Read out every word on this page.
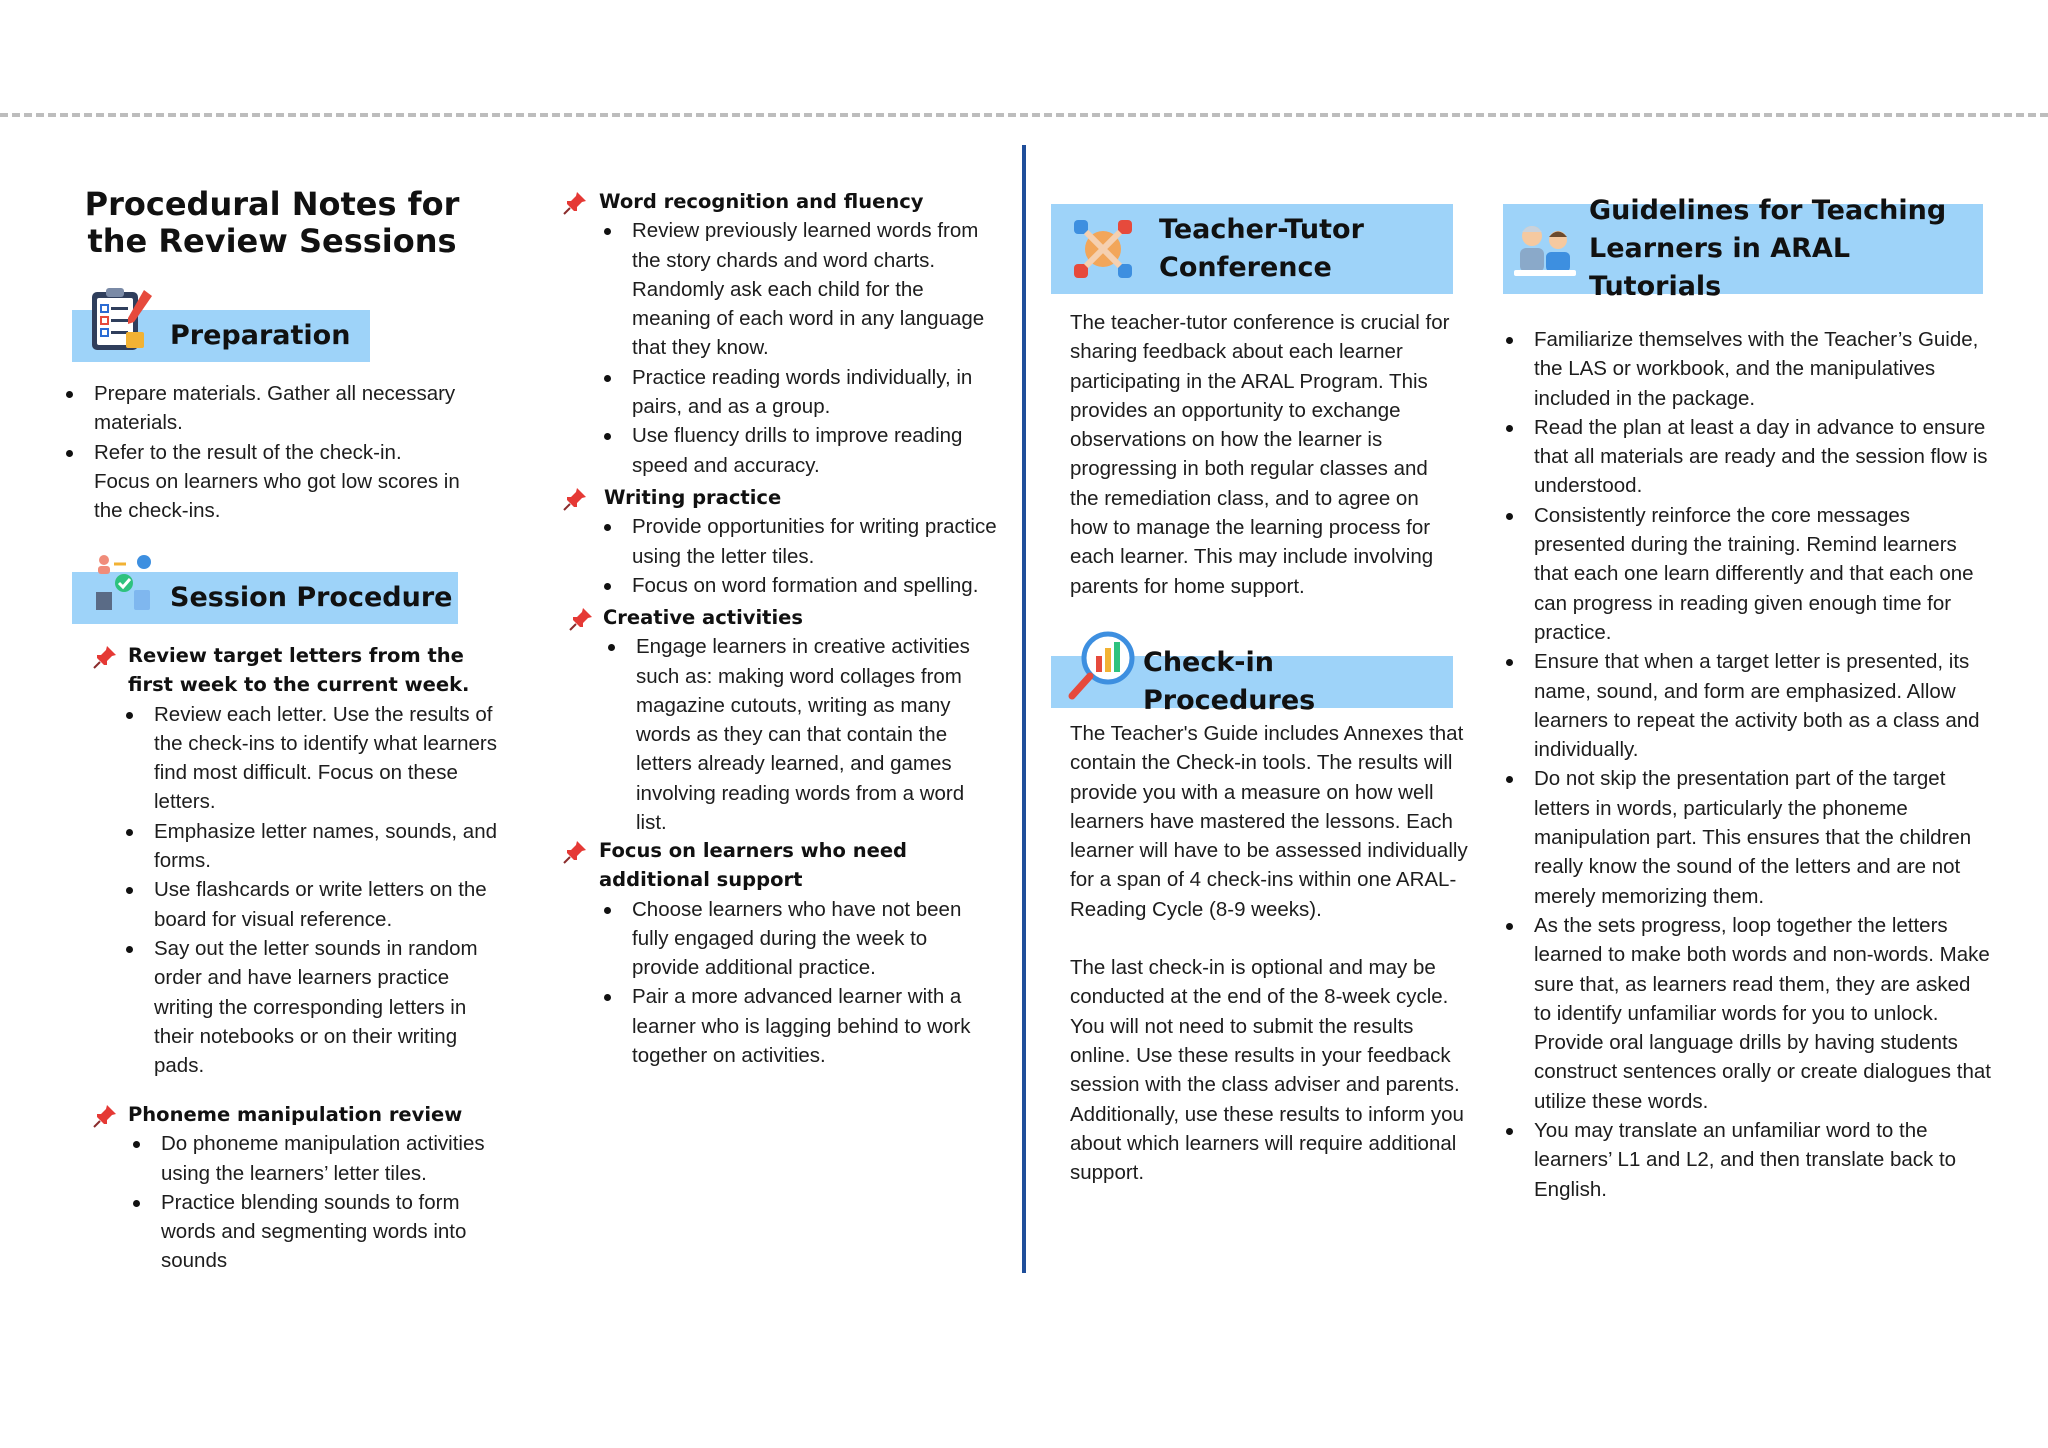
Procedural Notes for the Review Sessions
Preparation
Prepare materials. Gather all necessary materials.
Refer to the result of the check-in. Focus on learners who got low scores in the check-ins.
Session Procedure
Review target letters from the first week to the current week.
Review each letter. Use the results of the check-ins to identify what learners find most difficult. Focus on these letters.
Emphasize letter names, sounds, and forms.
Use flashcards or write letters on the board for visual reference.
Say out the letter sounds in random order and have learners practice writing the corresponding letters in their notebooks or on their writing pads.
Phoneme manipulation review
Do phoneme manipulation activities using the learners’ letter tiles.
Practice blending sounds to form words and segmenting words into sounds
Word recognition and fluency
Review previously learned words from the story chards and word charts. Randomly ask each child for the meaning of each word in any language that they know.
Practice reading words individually, in pairs, and as a group.
Use fluency drills to improve reading speed and accuracy.
Writing practice
Provide opportunities for writing practice using the letter tiles.
Focus on word formation and spelling.
Creative activities
Engage learners in creative activities such as: making word collages from magazine cutouts, writing as many words as they can that contain the letters already learned, and games involving reading words from a word list.
Focus on learners who need additional support
Choose learners who have not been fully engaged during the week to provide additional practice.
Pair a more advanced learner with a learner who is lagging behind to work together on activities.
Teacher-Tutor Conference

The teacher-tutor conference is crucial for sharing feedback about each learner participating in the ARAL Program. This provides an opportunity to exchange observations on how the learner is progressing in both regular classes and the remediation class, and to agree on how to manage the learning process for each learner. This may include involving parents for home support.

Check-in Procedures

The Teacher's Guide includes Annexes that contain the Check-in tools. The results will provide you with a measure on how well learners have mastered the lessons. Each learner will have to be assessed individually for a span of 4 check-ins within one ARAL-Reading Cycle (8-9 weeks).

The last check-in is optional and may be conducted at the end of the 8-week cycle. You will not need to submit the results online. Use these results in your feedback session with the class adviser and parents. Additionally, use these results to inform you about which learners will require additional support.

Guidelines for Teaching Learners in ARAL Tutorials
Familiarize themselves with the Teacher’s Guide, the LAS or workbook, and the manipulatives included in the package.
Read the plan at least a day in advance to ensure that all materials are ready and the session flow is understood.
Consistently reinforce the core messages presented during the training. Remind learners that each one learn differently and that each one can progress in reading given enough time for practice.
Ensure that when a target letter is presented, its name, sound, and form are emphasized. Allow learners to repeat the activity both as a class and individually.
Do not skip the presentation part of the target letters in words, particularly the phoneme manipulation part. This ensures that the children really know the sound of the letters and are not merely memorizing them.
As the sets progress, loop together the letters learned to make both words and non-words. Make sure that, as learners read them, they are asked to identify unfamiliar words for you to unlock. Provide oral language drills by having students construct sentences orally or create dialogues that utilize these words.
You may translate an unfamiliar word to the learners’ L1 and L2, and then translate back to English.
